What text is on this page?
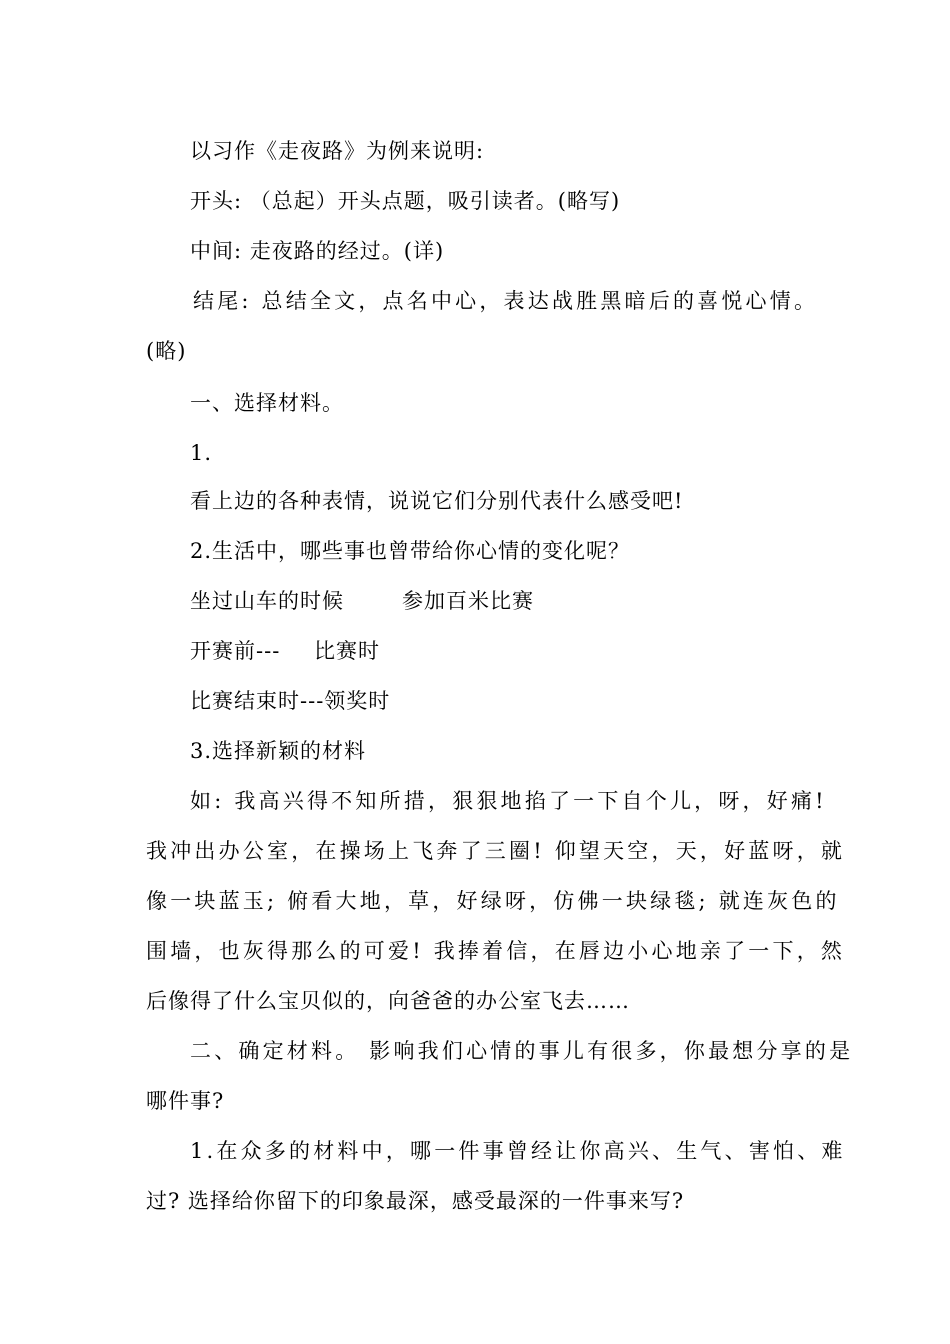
以习作《走夜路》为例来说明:
开头: （总起）开头点题，吸引读者。(略写)
中间: 走夜路的经过。(详)
结尾: 总结全文，点名中心，表达战胜黑暗后的喜悦心情。
(略)
一、选择材料。
1.
看上边的各种表情，说说它们分别代表什么感受吧!
2.生活中，哪些事也曾带给你心情的变化呢？
坐过山车的时候	参加百米比赛
开赛前--- 比赛时
比赛结束时---领奖时
3.选择新颖的材料
如: 我高兴得不知所措，狠狠地掐了一下自个儿，呀，好痛!
我冲出办公室，在操场上飞奔了三圈! 仰望天空，天，好蓝呀，就
像一块蓝玉; 俯看大地，草，好绿呀，仿佛一块绿毯; 就连灰色的
围墙，也灰得那么的可爱! 我捧着信，在唇边小心地亲了一下，然
后像得了什么宝贝似的，向爸爸的办公室飞去……
二、确定材料。 影响我们心情的事儿有很多，你最想分享的是
哪件事?
1.在众多的材料中，哪一件事曾经让你高兴、生气、害怕、难
过? 选择给你留下的印象最深，感受最深的一件事来写?
